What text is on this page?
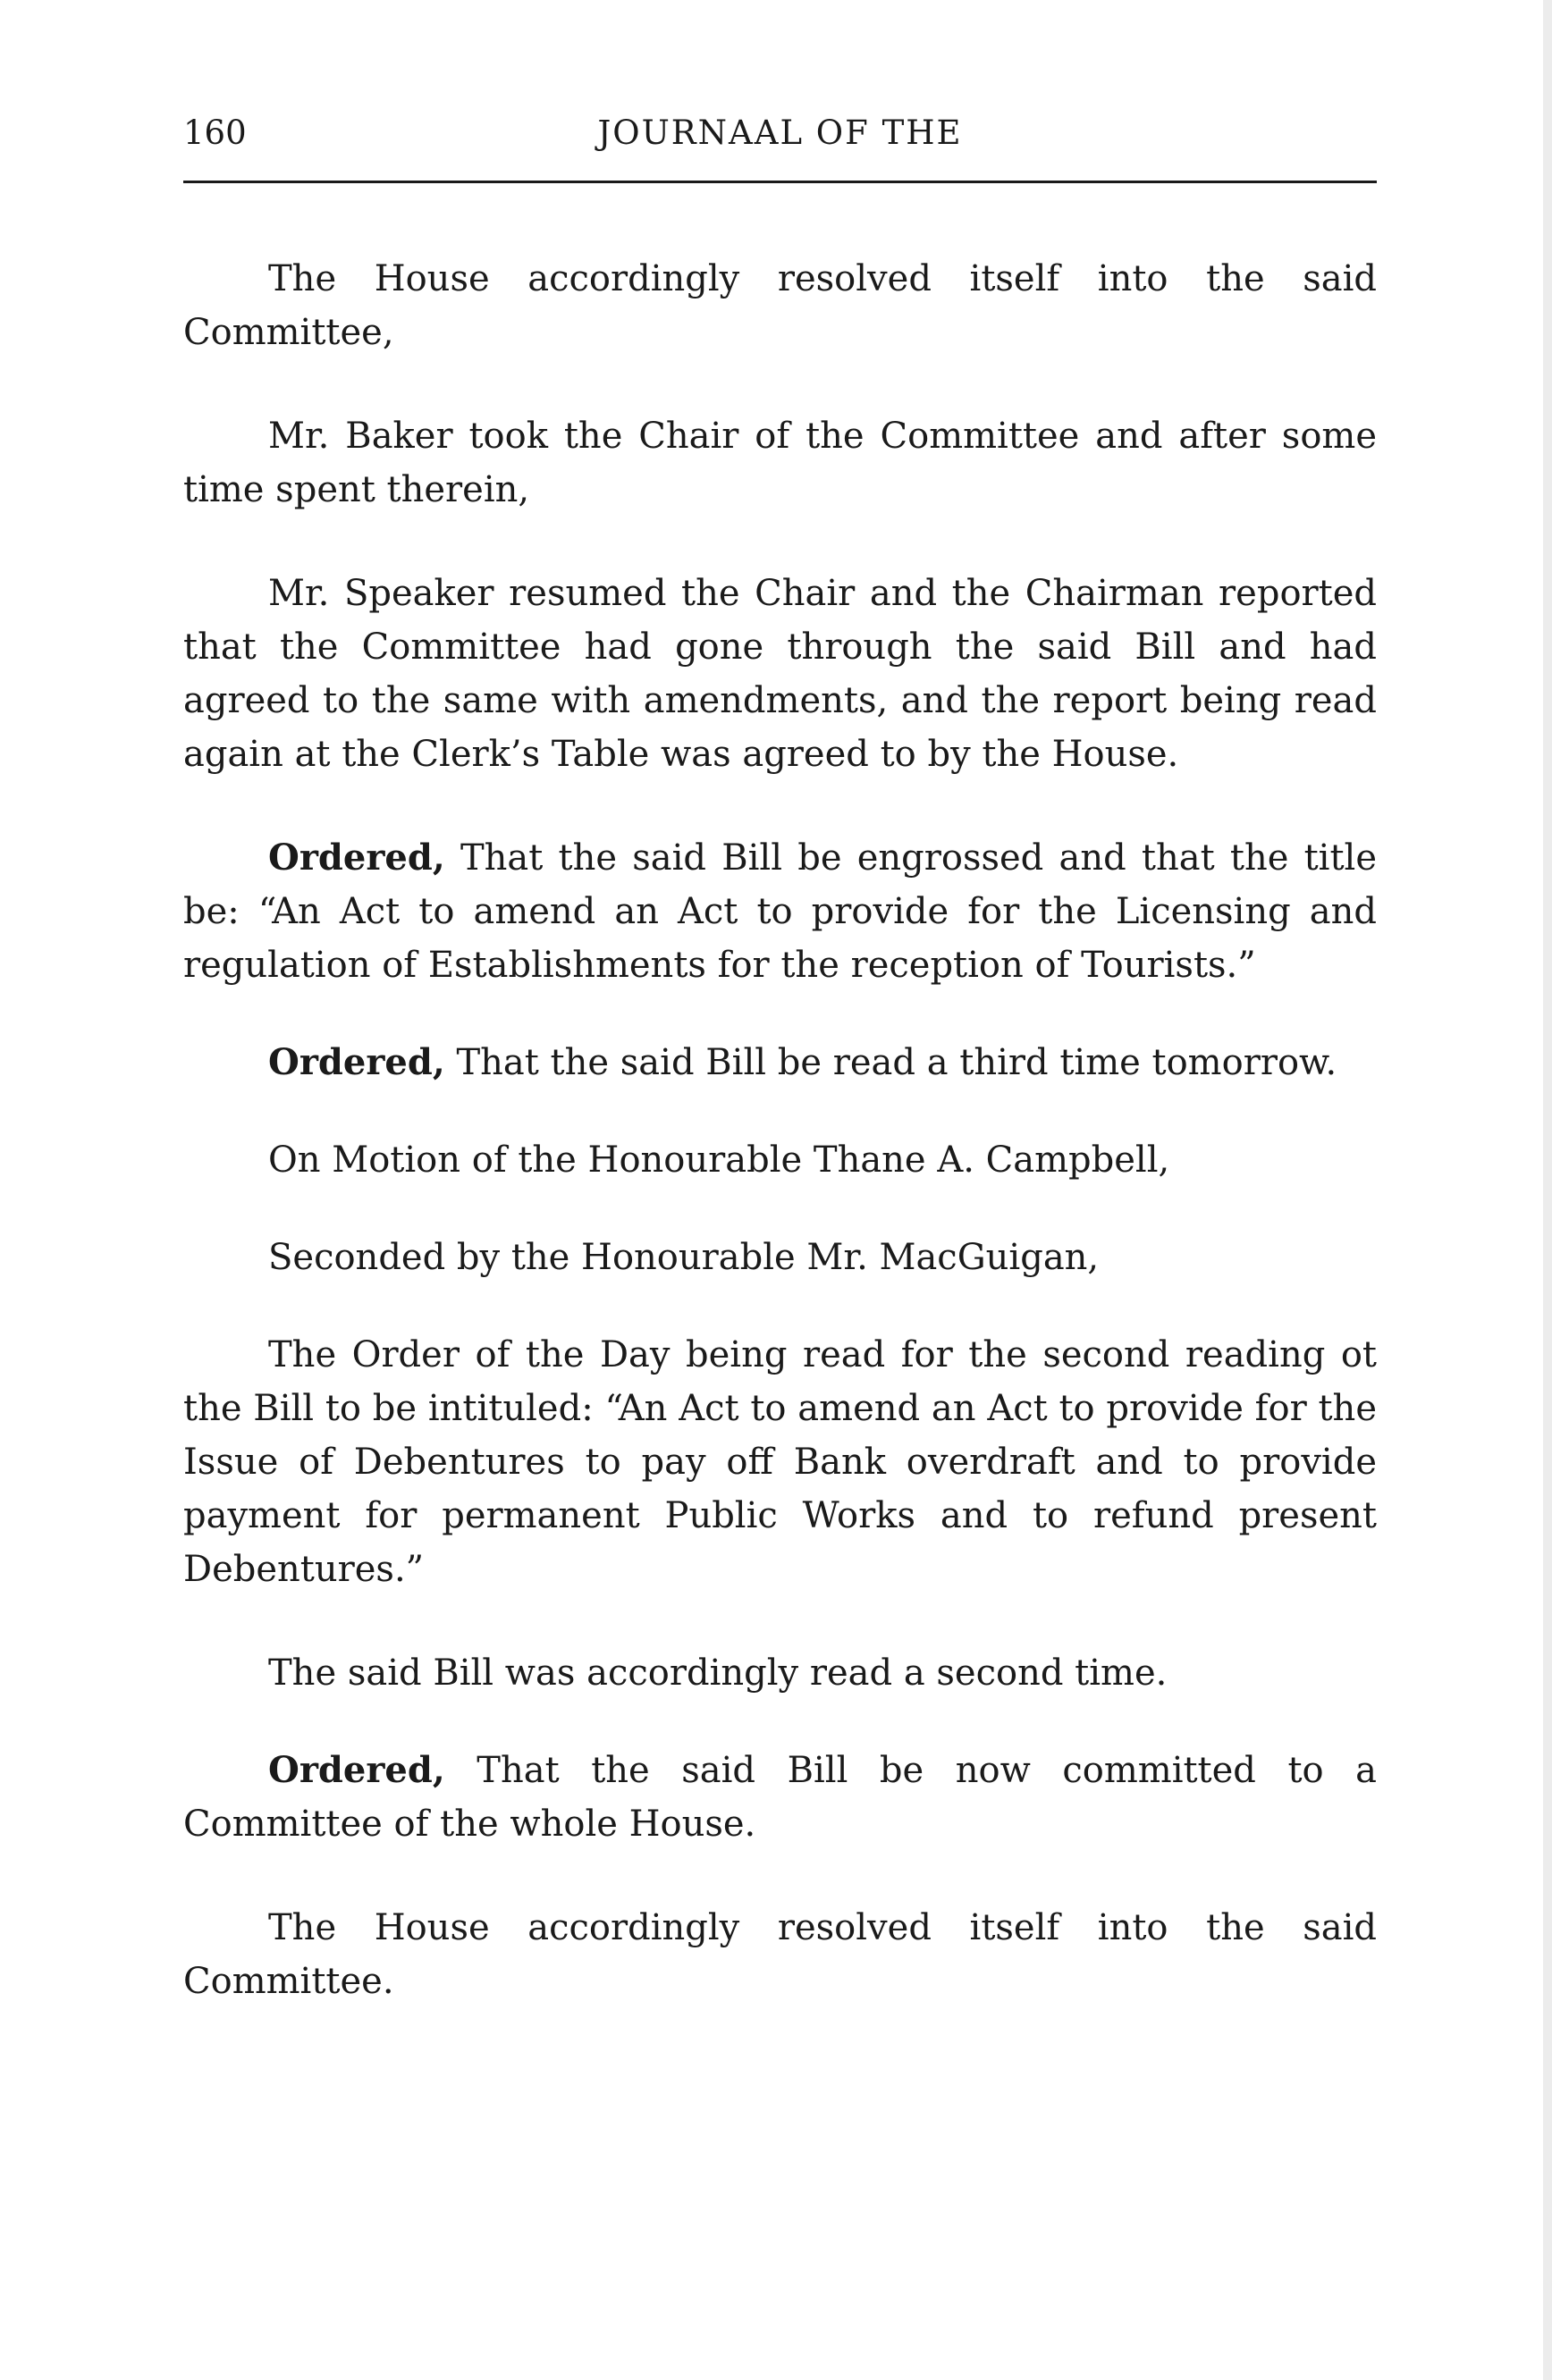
160	JOURNAAL OF THE

The House accordingly resolved itself into the said Committee,

Mr. Baker took the Chair of the Committee and after some time spent therein,

Mr. Speaker resumed the Chair and the Chairman reported that the Committee had gone through the said Bill and had agreed to the same with amendments, and the report being read again at the Clerk’s Table was agreed to by the House.

Ordered, That the said Bill be engrossed and that the title be: “An Act to amend an Act to provide for the Licensing and regulation of Establishments for the reception of Tourists.”

Ordered, That the said Bill be read a third time tomorrow.

On Motion of the Honourable Thane A. Campbell,

Seconded by the Honourable Mr. MacGuigan,

The Order of the Day being read for the second reading ot the Bill to be intituled: “An Act to amend an Act to provide for the Issue of Debentures to pay off Bank overdraft and to provide payment for permanent Public Works and to refund present Debentures.”

The said Bill was accordingly read a second time.

Ordered, That the said Bill be now committed to a Committee of the whole House.

The House accordingly resolved itself into the said Committee.
